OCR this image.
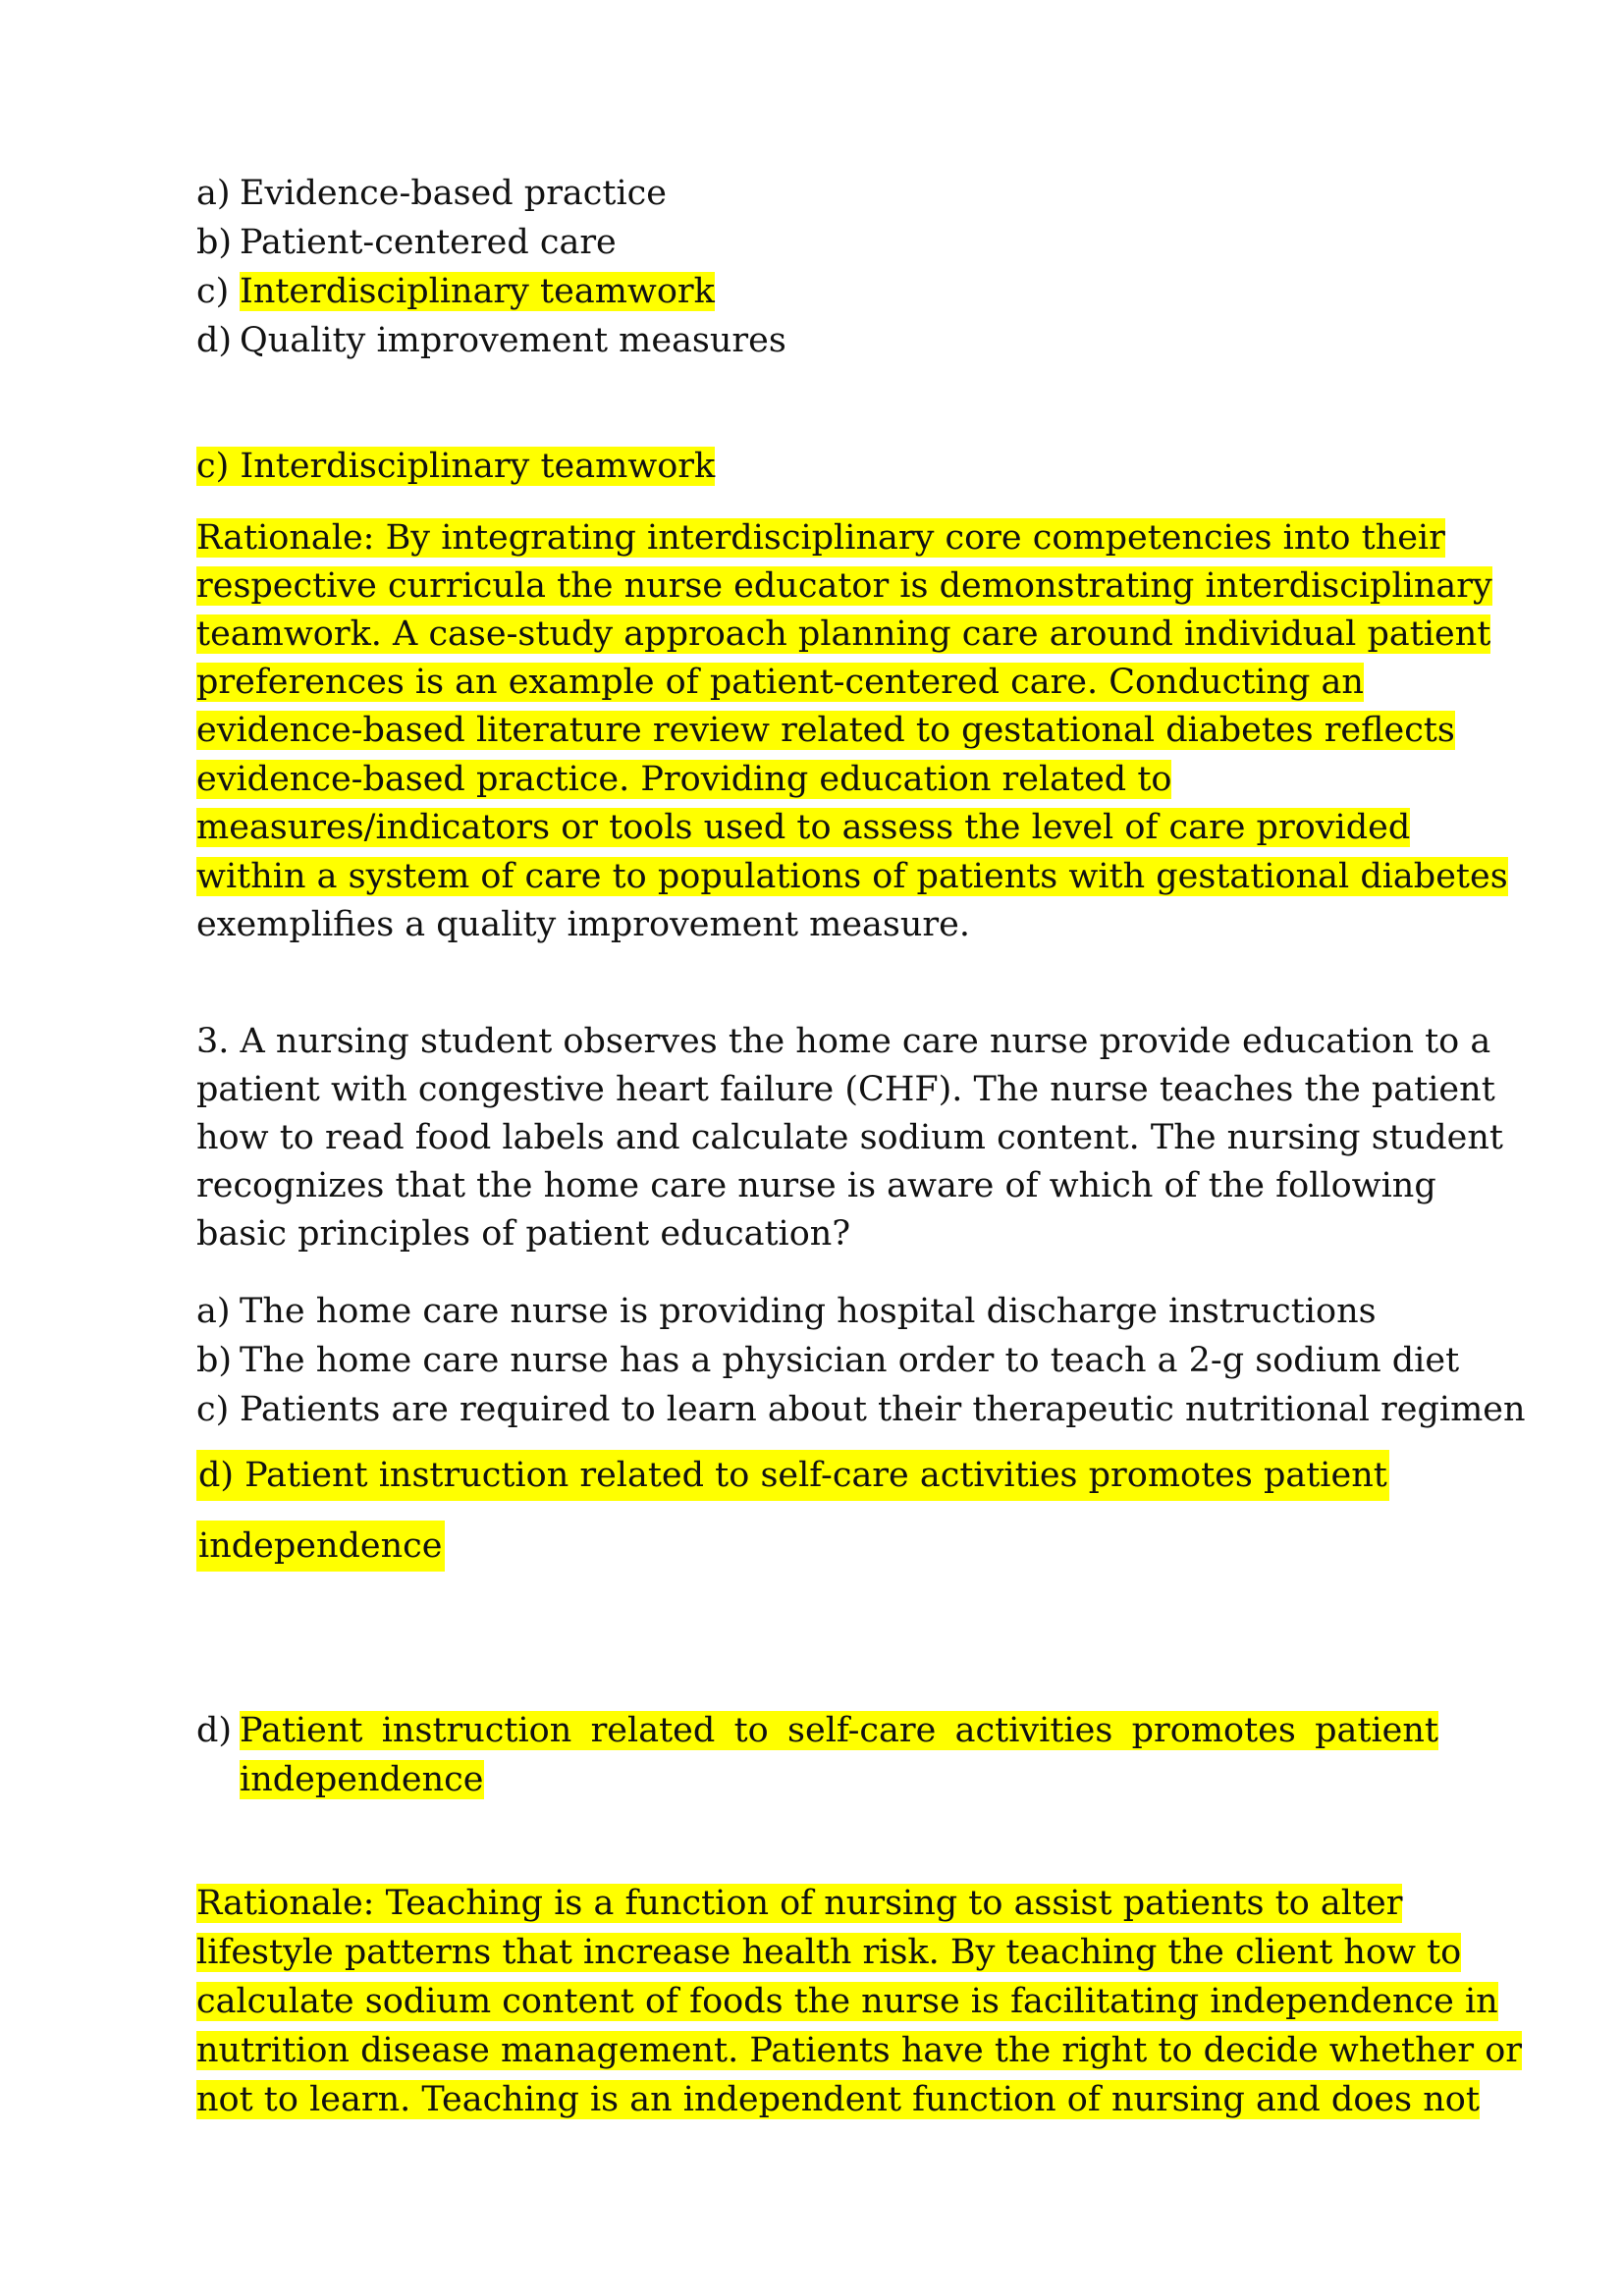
a) Evidence-based practice
b) Patient-centered care
c) Interdisciplinary teamwork
d) Quality improvement measures
c) Interdisciplinary teamwork
Rationale: By integrating interdisciplinary core competencies into their
respective curricula the nurse educator is demonstrating interdisciplinary
teamwork. A case-study approach planning care around individual patient
preferences is an example of patient-centered care. Conducting an
evidence-based literature review related to gestational diabetes reflects
evidence-based practice. Providing education related to
measures/indicators or tools used to assess the level of care provided
within a system of care to populations of patients with gestational diabetes
exemplifies a quality improvement measure.
3. A nursing student observes the home care nurse provide education to a
patient with congestive heart failure (CHF). The nurse teaches the patient
how to read food labels and calculate sodium content. The nursing student
recognizes that the home care nurse is aware of which of the following
basic principles of patient education?
a) The home care nurse is providing hospital discharge instructions
b) The home care nurse has a physician order to teach a 2-g sodium diet
c) Patients are required to learn about their therapeutic nutritional regimen
d) Patient instruction related to self-care activities promotes patient
independence
d) Patient instruction related to self-care activities promotes patient
independence
Rationale: Teaching is a function of nursing to assist patients to alter
lifestyle patterns that increase health risk. By teaching the client how to
calculate sodium content of foods the nurse is facilitating independence in
nutrition disease management. Patients have the right to decide whether or
not to learn. Teaching is an independent function of nursing and does not
